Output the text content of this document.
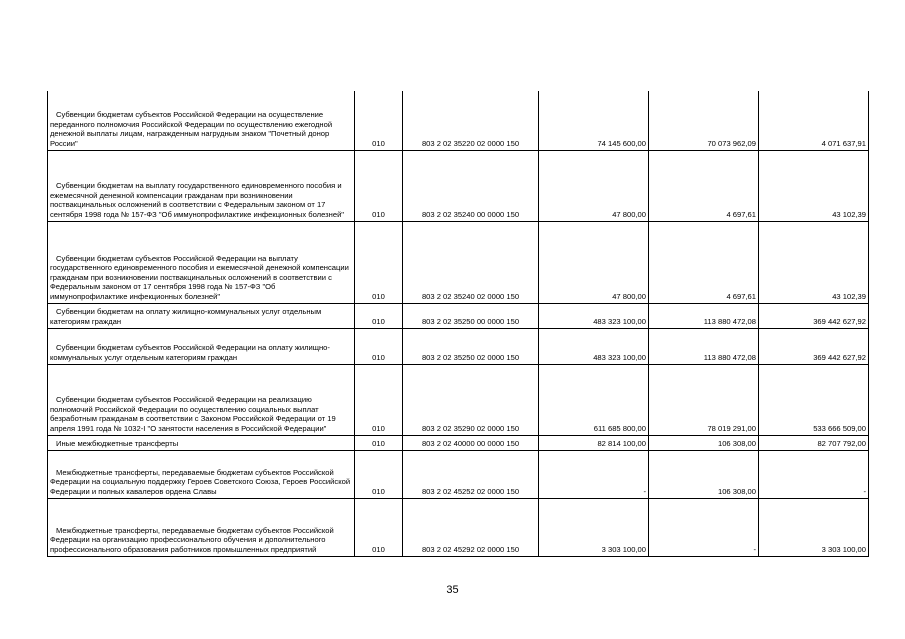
Субвенции бюджетам субъектов Российской Федерации на осуществление переданного полномочия Российской Федерации по осуществлению ежегодной денежной выплаты лицам, награжденным нагрудным знаком "Почетный донор России"	010	803 2 02 35220 02 0000 150	74 145 600,00	70 073 962,09	4 071 637,91

Субвенции бюджетам на выплату государственного единовременного пособия и ежемесячной денежной компенсации гражданам при возникновении поствакцинальных осложнений в соответствии с Федеральным законом от 17 сентября 1998 года № 157-ФЗ "Об иммунопрофилактике инфекционных болезней"	010	803 2 02 35240 00 0000 150	47 800,00	4 697,61	43 102,39

Субвенции бюджетам субъектов Российской Федерации на выплату государственного единовременного пособия и ежемесячной денежной компенсации гражданам при возникновении поствакцинальных осложнений в соответствии с Федеральным законом от 17 сентября 1998 года № 157-ФЗ "Об иммунопрофилактике инфекционных болезней"	010	803 2 02 35240 02 0000 150	47 800,00	4 697,61	43 102,39

Субвенции бюджетам на оплату жилищно-коммунальных услуг отдельным категориям граждан	010	803 2 02 35250 00 0000 150	483 323 100,00	113 880 472,08	369 442 627,92

Субвенции бюджетам субъектов Российской Федерации на оплату жилищно-коммунальных услуг отдельным категориям граждан	010	803 2 02 35250 02 0000 150	483 323 100,00	113 880 472,08	369 442 627,92

Субвенции бюджетам субъектов Российской Федерации на реализацию полномочий Российской Федерации по осуществлению социальных выплат безработным гражданам в соответствии с Законом Российской Федерации от 19 апреля 1991 года № 1032-I "О занятости населения в Российской Федерации"	010	803 2 02 35290 02 0000 150	611 685 800,00	78 019 291,00	533 666 509,00

Иные межбюджетные трансферты	010	803 2 02 40000 00 0000 150	82 814 100,00	106 308,00	82 707 792,00

Межбюджетные трансферты, передаваемые бюджетам субъектов Российской Федерации на социальную поддержку Героев Советского Союза, Героев Российской Федерации и полных кавалеров ордена Славы	010	803 2 02 45252 02 0000 150	-	106 308,00	-

Межбюджетные трансферты, передаваемые бюджетам субъектов Российской Федерации на организацию профессионального обучения и дополнительного профессионального образования работников промышленных предприятий	010	803 2 02 45292 02 0000 150	3 303 100,00	-	3 303 100,00
35
